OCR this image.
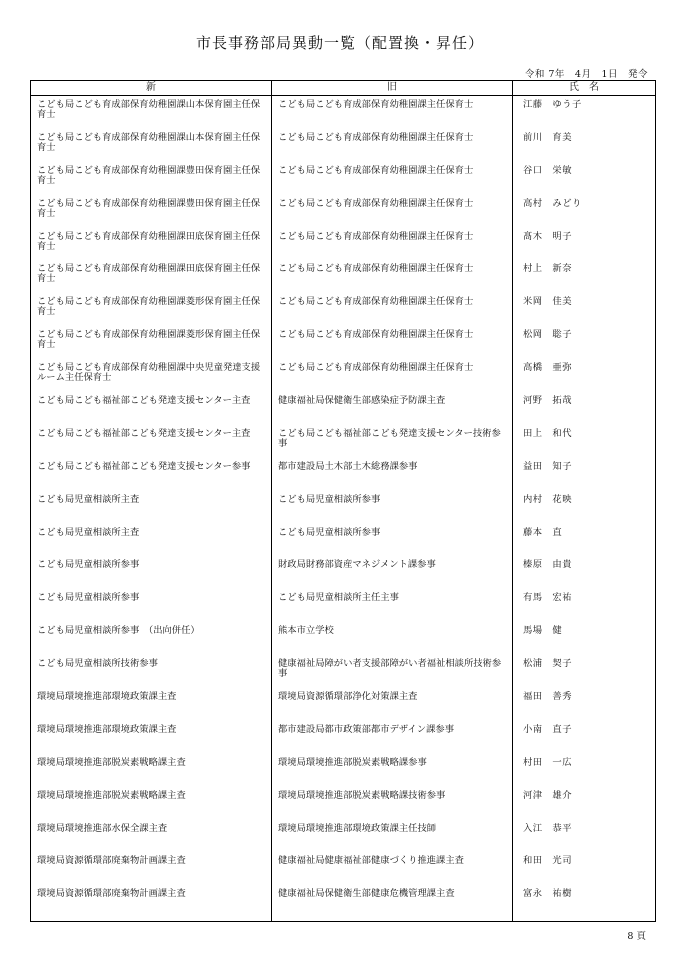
市長事務部局異動一覧（配置換・昇任）
令和 7年　4月　1日　発令
新	旧	氏　名
こども局こども育成部保育幼稚園課山本保育園主任保育士
こども局こども育成部保育幼稚園課山本保育園主任保育士
こども局こども育成部保育幼稚園課豊田保育園主任保育士
こども局こども育成部保育幼稚園課豊田保育園主任保育士
こども局こども育成部保育幼稚園課田底保育園主任保育士
こども局こども育成部保育幼稚園課田底保育園主任保育士
こども局こども育成部保育幼稚園課菱形保育園主任保育士
こども局こども育成部保育幼稚園課菱形保育園主任保育士
こども局こども育成部保育幼稚園課中央児童発達支援ルーム主任保育士
こども局こども福祉部こども発達支援センター主査
こども局こども福祉部こども発達支援センター主査
こども局こども福祉部こども発達支援センター参事
こども局児童相談所主査
こども局児童相談所主査
こども局児童相談所参事
こども局児童相談所参事
こども局児童相談所参事　（出向併任）
こども局児童相談所技術参事
環境局環境推進部環境政策課主査
環境局環境推進部環境政策課主査
環境局環境推進部脱炭素戦略課主査
環境局環境推進部脱炭素戦略課主査
環境局環境推進部水保全課主査
環境局資源循環部廃棄物計画課主査
環境局資源循環部廃棄物計画課主査
こども局こども育成部保育幼稚園課主任保育士
こども局こども育成部保育幼稚園課主任保育士
こども局こども育成部保育幼稚園課主任保育士
こども局こども育成部保育幼稚園課主任保育士
こども局こども育成部保育幼稚園課主任保育士
こども局こども育成部保育幼稚園課主任保育士
こども局こども育成部保育幼稚園課主任保育士
こども局こども育成部保育幼稚園課主任保育士
こども局こども育成部保育幼稚園課主任保育士
健康福祉局保健衛生部感染症予防課主査
こども局こども福祉部こども発達支援センター技術参事
都市建設局土木部土木総務課参事
こども局児童相談所参事
こども局児童相談所参事
財政局財務部資産マネジメント課参事
こども局児童相談所主任主事
熊本市立学校
健康福祉局障がい者支援部障がい者福祉相談所技術参事
環境局資源循環部浄化対策課主査
都市建設局都市政策部都市デザイン課参事
環境局環境推進部脱炭素戦略課参事
環境局環境推進部脱炭素戦略課技術参事
環境局環境推進部環境政策課主任技師
健康福祉局健康福祉部健康づくり推進課主査
健康福祉局保健衛生部健康危機管理課主査
江藤　ゆう子
前川　育美
谷口　栄敏
高村　みどり
髙木　明子
村上　新奈
米岡　佳美
松岡　聡子
高橋　亜弥
河野　拓哉
田上　和代
益田　知子
内村　花映
藤本　直
榛原　由貴
有馬　宏祐
馬場　健
松浦　契子
福田　善秀
小南　直子
村田　一広
河津　雄介
入江　恭平
和田　光司
富永　祐樹
8 頁
